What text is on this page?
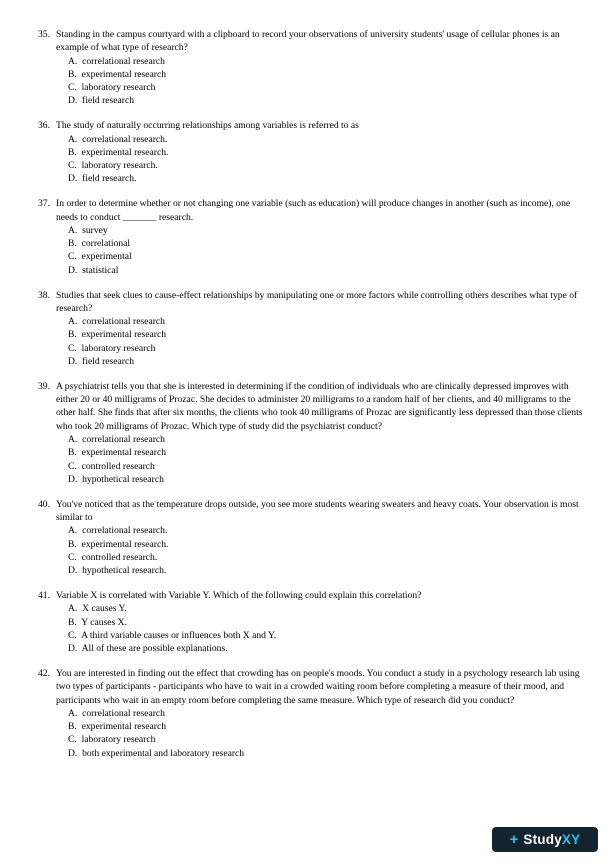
35. Standing in the campus courtyard with a clipboard to record your observations of university students' usage of cellular phones is an example of what type of research?

A.  correlational research
B.  experimental research
C.  laboratory research
D.  field research
36. The study of naturally occurring relationships among variables is referred to as

A.  correlational research.
B.  experimental research.
C.  laboratory research.
D.  field research.
37. In order to determine whether or not changing one variable (such as education) will produce changes in another (such as income), one needs to conduct _______ research.

A.  survey
B.  correlational
C.  experimental
D.  statistical
38. Studies that seek clues to cause-effect relationships by manipulating one or more factors while controlling others describes what type of research?

A.  correlational research
B.  experimental research
C.  laboratory research
D.  field research
39. A psychiatrist tells you that she is interested in determining if the condition of individuals who are clinically depressed improves with either 20 or 40 milligrams of Prozac. She decides to administer 20 milligrams to a random half of her clients, and 40 milligrams to the other half. She finds that after six months, the clients who took 40 milligrams of Prozac are significantly less depressed than those clients who took 20 milligrams of Prozac. Which type of study did the psychiatrist conduct?

A.  correlational research
B.  experimental research
C.  controlled research
D.  hypothetical research
40. You've noticed that as the temperature drops outside, you see more students wearing sweaters and heavy coats. Your observation is most similar to

A.  correlational research.
B.  experimental research.
C.  controlled research.
D.  hypothetical research.
41. Variable X is correlated with Variable Y. Which of the following could explain this correlation?

A.  X causes Y.
B.  Y causes X.
C.  A third variable causes or influences both X and Y.
D.  All of these are possible explanations.
42. You are interested in finding out the effect that crowding has on people's moods. You conduct a study in a psychology research lab using two types of participants - participants who have to wait in a crowded waiting room before completing a measure of their mood, and participants who wait in an empty room before completing the same measure. Which type of research did you conduct?

A.  correlational research
B.  experimental research
C.  laboratory research
D.  both experimental and laboratory research
+ StudyXY
